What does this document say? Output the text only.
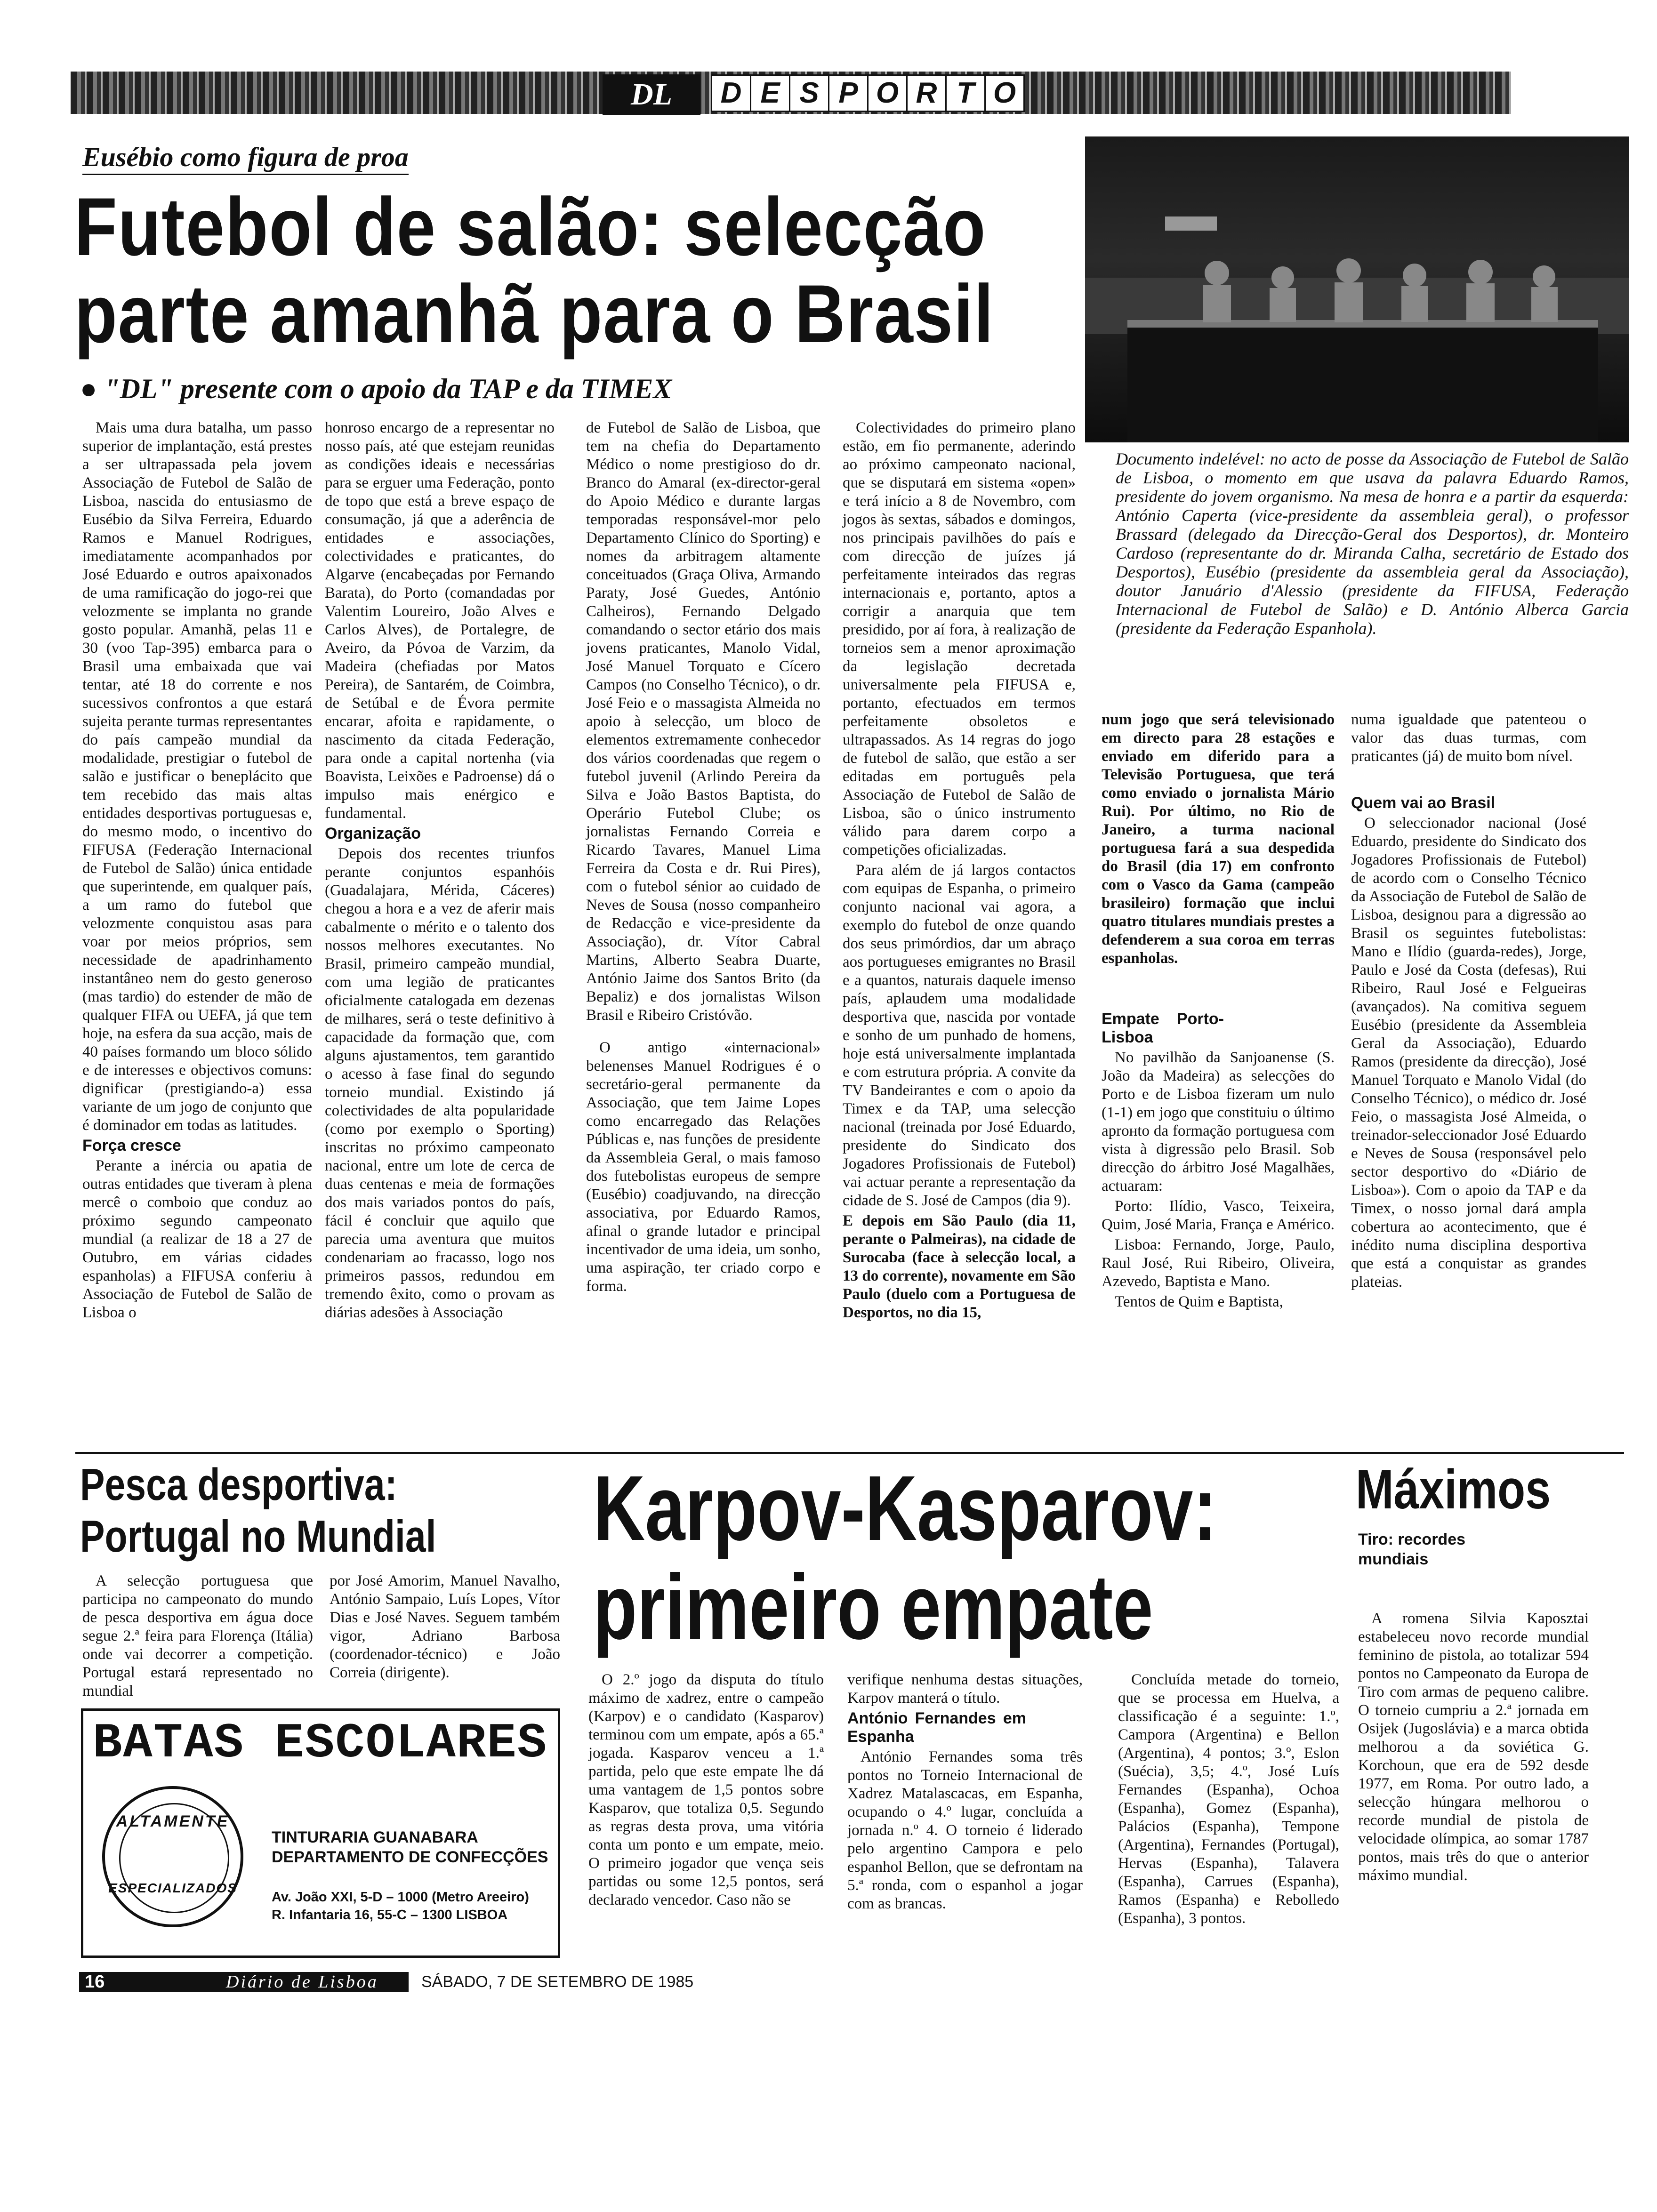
DL	D E S P O R T O
Eusébio como figura de proa
Futebol de salão: selecção
parte amanhã para o Brasil
● "DL" presente com o apoio da TAP e da TIMEX
Documento indelével: no acto de posse da Associação de Futebol de Salão de Lisboa, o momento em que usava da palavra Eduardo Ramos, presidente do jovem organismo. Na mesa de honra e a partir da esquerda: António Caperta (vice-presidente da assembleia geral), o professor Brassard (delegado da Direcção-Geral dos Desportos), dr. Monteiro Cardoso (representante do dr. Miranda Calha, secretário de Estado dos Desportos), Eusébio (presidente da assembleia geral da Associação), doutor Januário d'Alessio (presidente da FIFUSA, Federação Internacional de Futebol de Salão) e D. António Alberca Garcia (presidente da Federação Espanhola).

Mais uma dura batalha, um passo superior de implantação, está prestes a ser ultrapassada pela jovem Associação de Futebol de Salão de Lisboa, nascida do entusiasmo de Eusébio da Silva Ferreira, Eduardo Ramos e Manuel Rodrigues, imediatamente acompanhados por José Eduardo e outros apaixonados de uma ramificação do jogo-rei que velozmente se implanta no grande gosto popular. Amanhã, pelas 11 e 30 (voo Tap-395) embarca para o Brasil uma embaixada que vai tentar, até 18 do corrente e nos sucessivos confrontos a que estará sujeita perante turmas representantes do país campeão mundial da modalidade, prestigiar o futebol de salão e justificar o beneplácito que tem recebido das mais altas entidades desportivas portuguesas e, do mesmo modo, o incentivo do FIFUSA (Federação Internacional de Futebol de Salão) única entidade que superintende, em qualquer país, a um ramo do futebol que velozmente conquistou asas para voar por meios próprios, sem necessidade de apadrinhamento instantâneo nem do gesto generoso (mas tardio) do estender de mão de qualquer FIFA ou UEFA, já que tem hoje, na esfera da sua acção, mais de 40 países formando um bloco sólido e de interesses e objectivos comuns: dignificar (prestigiando-a) essa variante de um jogo de conjunto que é dominador em todas as latitudes.

Força cresce

Perante a inércia ou apatia de outras entidades que tiveram à plena mercê o comboio que conduz ao próximo segundo campeonato mundial (a realizar de 18 a 27 de Outubro, em várias cidades espanholas) a FIFUSA conferiu à Associação de Futebol de Salão de Lisboa o

honroso encargo de a representar no nosso país, até que estejam reunidas as condições ideais e necessárias para se erguer uma Federação, ponto de topo que está a breve espaço de consumação, já que a aderência de entidades e associações, colectividades e praticantes, do Algarve (encabeçadas por Fernando Barata), do Porto (comandadas por Valentim Loureiro, João Alves e Carlos Alves), de Portalegre, de Aveiro, da Póvoa de Varzim, da Madeira (chefiadas por Matos Pereira), de Santarém, de Coimbra, de Setúbal e de Évora permite encarar, afoita e rapidamente, o nascimento da citada Federação, para onde a capital nortenha (via Boavista, Leixões e Padroense) dá o impulso mais enérgico e fundamental.

Organização

Depois dos recentes triunfos perante conjuntos espanhóis (Guadalajara, Mérida, Cáceres) chegou a hora e a vez de aferir mais cabalmente o mérito e o talento dos nossos melhores executantes. No Brasil, primeiro campeão mundial, com uma legião de praticantes oficialmente catalogada em dezenas de milhares, será o teste definitivo à capacidade da formação que, com alguns ajustamentos, tem garantido o acesso à fase final do segundo torneio mundial. Existindo já colectividades de alta popularidade (como por exemplo o Sporting) inscritas no próximo campeonato nacional, entre um lote de cerca de duas centenas e meia de formações dos mais variados pontos do país, fácil é concluir que aquilo que parecia uma aventura que muitos condenariam ao fracasso, logo nos primeiros passos, redundou em tremendo êxito, como o provam as diárias adesões à Associação

de Futebol de Salão de Lisboa, que tem na chefia do Departamento Médico o nome prestigioso do dr. Branco do Amaral (ex-director-geral do Apoio Médico e durante largas temporadas responsável-mor pelo Departamento Clínico do Sporting) e nomes da arbitragem altamente conceituados (Graça Oliva, Armando Paraty, José Guedes, António Calheiros), Fernando Delgado comandando o sector etário dos mais jovens praticantes, Manolo Vidal, José Manuel Torquato e Cícero Campos (no Conselho Técnico), o dr. José Feio e o massagista Almeida no apoio à selecção, um bloco de elementos extremamente conhecedor dos vários coordenadas que regem o futebol juvenil (Arlindo Pereira da Silva e João Bastos Baptista, do Operário Futebol Clube; os jornalistas Fernando Correia e Ricardo Tavares, Manuel Lima Ferreira da Costa e dr. Rui Pires), com o futebol sénior ao cuidado de Neves de Sousa (nosso companheiro de Redacção e vice-presidente da Associação), dr. Vítor Cabral Martins, Alberto Seabra Duarte, António Jaime dos Santos Brito (da Bepaliz) e dos jornalistas Wilson Brasil e Ribeiro Cristóvão.

O antigo «internacional» belenenses Manuel Rodrigues é o secretário-geral permanente da Associação, que tem Jaime Lopes como encarregado das Relações Públicas e, nas funções de presidente da Assembleia Geral, o mais famoso dos futebolistas europeus de sempre (Eusébio) coadjuvando, na direcção associativa, por Eduardo Ramos, afinal o grande lutador e principal incentivador de uma ideia, um sonho, uma aspiração, ter criado corpo e forma.

Colectividades do primeiro plano estão, em fio permanente, aderindo ao próximo campeonato nacional, que se disputará em sistema «open» e terá início a 8 de Novembro, com jogos às sextas, sábados e domingos, nos principais pavilhões do país e com direcção de juízes já perfeitamente inteirados das regras internacionais e, portanto, aptos a corrigir a anarquia que tem presidido, por aí fora, à realização de torneios sem a menor aproximação da legislação decretada universalmente pela FIFUSA e, portanto, efectuados em termos perfeitamente obsoletos e ultrapassados. As 14 regras do jogo de futebol de salão, que estão a ser editadas em português pela Associação de Futebol de Salão de Lisboa, são o único instrumento válido para darem corpo a competições oficializadas.

Para além de já largos contactos com equipas de Espanha, o primeiro conjunto nacional vai agora, a exemplo do futebol de onze quando dos seus primórdios, dar um abraço aos portugueses emigrantes no Brasil e a quantos, naturais daquele imenso país, aplaudem uma modalidade desportiva que, nascida por vontade e sonho de um punhado de homens, hoje está universalmente implantada e com estrutura própria. A convite da TV Bandeirantes e com o apoio da Timex e da TAP, uma selecção nacional (treinada por José Eduardo, presidente do Sindicato dos Jogadores Profissionais de Futebol) vai actuar perante a representação da cidade de S. José de Campos (dia 9).

E depois em São Paulo (dia 11, perante o Palmeiras), na cidade de Surocaba (face à selecção local, a 13 do corrente), novamente em São Paulo (duelo com a Portuguesa de Desportos, no dia 15,

num jogo que será televisionado em directo para 28 estações e enviado em diferido para a Televisão Portuguesa, que terá como enviado o jornalista Mário Rui). Por último, no Rio de Janeiro, a turma nacional portuguesa fará a sua despedida do Brasil (dia 17) em confronto com o Vasco da Gama (campeão brasileiro) formação que inclui quatro titulares mundiais prestes a defenderem a sua coroa em terras espanholas.

Empate Porto-Lisboa

No pavilhão da Sanjoanense (S. João da Madeira) as selecções do Porto e de Lisboa fizeram um nulo (1-1) em jogo que constituiu o último aprонto da formação portuguesa com vista à digressão pelo Brasil. Sob direcção do árbitro José Magalhães, actuaram:

Porto: Ilídio, Vasco, Teixeira, Quim, José Maria, França e Américo.

Lisboa: Fernando, Jorge, Paulo, Raul José, Rui Ribeiro, Oliveira, Azevedo, Baptista e Mano.

Tentos de Quim e Baptista,

numa igualdade que patenteou o valor das duas turmas, com praticantes (já) de muito bom nível.

Quem vai ao Brasil

O seleccionador nacional (José Eduardo, presidente do Sindicato dos Jogadores Profissionais de Futebol) de acordo com o Conselho Técnico da Associação de Futebol de Salão de Lisboa, designou para a digressão ao Brasil os seguintes futebolistas: Mano e Ilídio (guarda-redes), Jorge, Paulo e José da Costa (defesas), Rui Ribeiro, Raul José e Felgueiras (avançados). Na comitiva seguem Eusébio (presidente da Assembleia Geral da Associação), Eduardo Ramos (presidente da direcção), José Manuel Torquato e Manolo Vidal (do Conselho Técnico), o médico dr. José Feio, o massagista José Almeida, o treinador-seleccionador José Eduardo e Neves de Sousa (responsável pelo sector desportivo do «Diário de Lisboa»). Com o apoio da TAP e da Timex, o nosso jornal dará ampla cobertura ao acontecimento, que é inédito numa disciplina desportiva que está a conquistar as grandes plateias.

Pesca desportiva:
Portugal no Mundial

A selecção portuguesa que participa no campeonato do mundo de pesca desportiva em água doce segue 2.ª feira para Florença (Itália) onde vai decorrer a competição. Portugal estará representado no mundial

por José Amorim, Manuel Navalho, António Sampaio, Luís Lopes, Vítor Dias e José Naves. Seguem também vigor, Adriano Barbosa (coordenador-técnico) e João Correia (dirigente).

BATAS ESCOLARES
ALTAMENTE
ESPECIALIZADOS
TINTURARIA GUANABARA
DEPARTAMENTO DE CONFECÇÕES
Av. João XXI, 5-D – 1000 (Metro Areeiro)
R. Infantaria 16, 55-C – 1300 LISBOA
Karpov-Kasparov:
primeiro empate

O 2.º jogo da disputa do título máximo de xadrez, entre o campeão (Karpov) e o candidato (Kasparov) terminou com um empate, após a 65.ª jogada. Kasparov venceu a 1.ª partida, pelo que este empate lhe dá uma vantagem de 1,5 pontos sobre Kasparov, que totaliza 0,5. Segundo as regras desta prova, uma vitória conta um ponto e um empate, meio. O primeiro jogador que vença seis partidas ou some 12,5 pontos, será declarado vencedor. Caso não se

verifique nenhuma destas situações, Karpov manterá o título.

António Fernandes em Espanha

António Fernandes soma três pontos no Torneio Internacional de Xadrez Matalascacas, em Espanha, ocupando o 4.º lugar, concluída a jornada n.º 4. O torneio é liderado pelo argentino Campora e pelo espanhol Bellon, que se defrontam na 5.ª ronda, com o espanhol a jogar com as brancas.

Concluída metade do torneio, que se processa em Huelva, a classificação é a seguinte: 1.º, Campora (Argentina) e Bellon (Argentina), 4 pontos; 3.º, Eslon (Suécia), 3,5; 4.º, José Luís Fernandes (Espanha), Ochoa (Espanha), Gomez (Espanha), Palácios (Espanha), Tempone (Argentina), Fernandes (Portugal), Hervas (Espanha), Talavera (Espanha), Carrues (Espanha), Ramos (Espanha) e Rebolledo (Espanha), 3 pontos.

Máximos
Tiro: recordes mundiais

A romena Silvia Kaposztai estabeleceu novo recorde mundial feminino de pistola, ao totalizar 594 pontos no Campeonato da Europa de Tiro com armas de pequeno calibre. O torneio cumpriu a 2.ª jornada em Osijek (Jugoslávia) e a marca obtida melhorou a da soviética G. Korchoun, que era de 592 desde 1977, em Roma. Por outro lado, a selecção húngara melhorou o recorde mundial de pistola de velocidade olímpica, ao somar 1787 pontos, mais três do que o anterior máximo mundial.

16	Diário de Lisboa	SÁBADO, 7 DE SETEMBRO DE 1985
